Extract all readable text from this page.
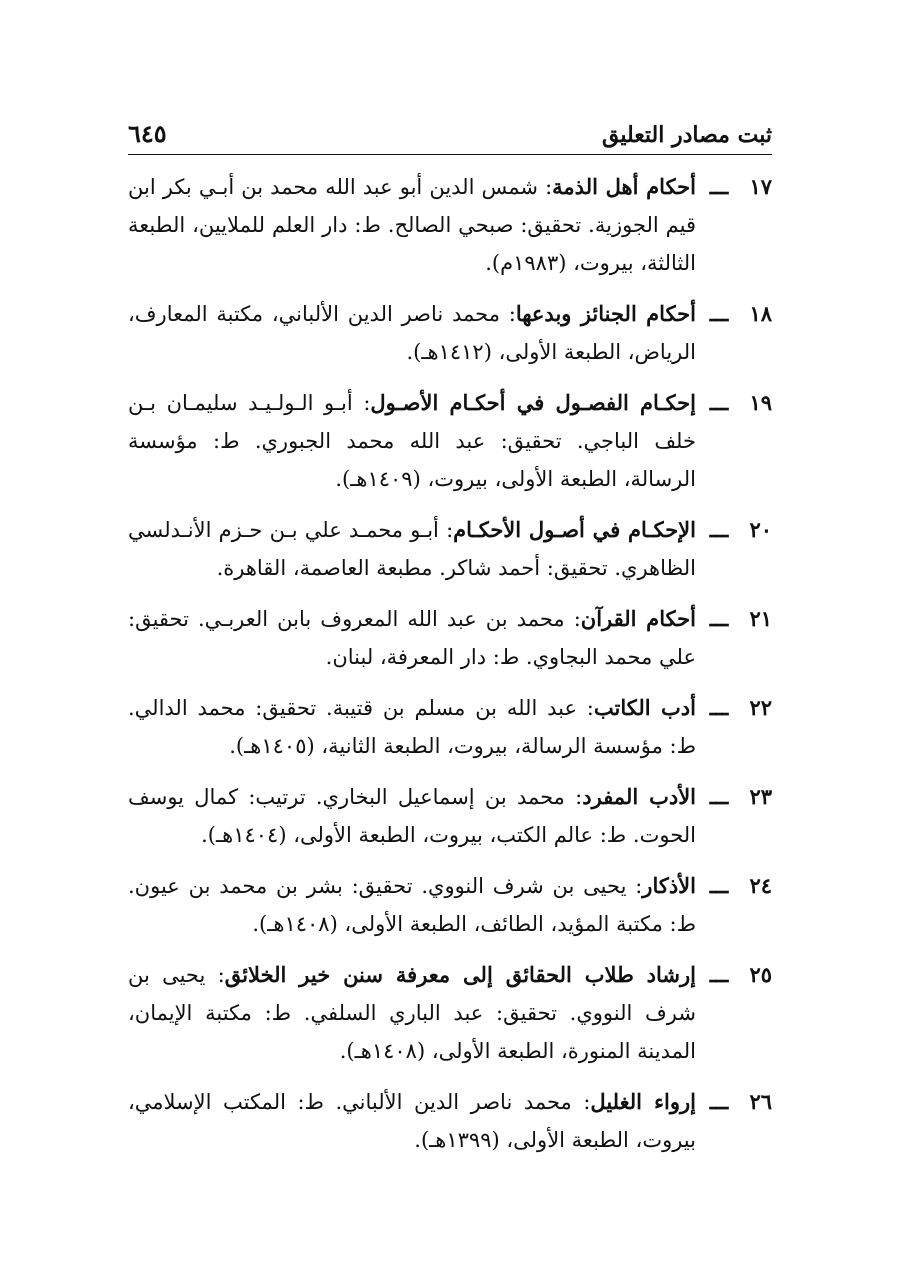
ثبت مصادر التعليق
٦٤٥
١٧
ـــ
أحكام أهل الذمة: شمس الدين أبو عبد الله محمد بن أبـي بكر ابن قيم الجوزية. تحقيق: صبحي الصالح. ط: دار العلم للملايين، الطبعة الثالثة، بيروت، (١٩٨٣م).
١٨
ـــ
أحكام الجنائز وبدعها: محمد ناصر الدين الألباني، مكتبة المعارف، الرياض، الطبعة الأولى، (١٤١٢هـ).
١٩
ـــ
إحكـام الفصـول في أحكـام الأصـول: أبـو الـولـيـد سليمـان بـن خلف الباجي. تحقيق: عبد الله محمد الجبوري. ط: مؤسسة الرسالة، الطبعة الأولى، بيروت، (١٤٠٩هـ).
٢٠
ـــ
الإحكـام في أصـول الأحكـام: أبـو محمـد علي بـن حـزم الأنـدلسي الظاهري. تحقيق: أحمد شاكر. مطبعة العاصمة، القاهرة.
٢١
ـــ
أحكام القرآن: محمد بن عبد الله المعروف بابن العربـي. تحقيق: علي محمد البجاوي. ط: دار المعرفة، لبنان.
٢٢
ـــ
أدب الكاتب: عبد الله بن مسلم بن قتيبة. تحقيق: محمد الدالي. ط: مؤسسة الرسالة، بيروت، الطبعة الثانية، (١٤٠٥هـ).
٢٣
ـــ
الأدب المفرد: محمد بن إسماعيل البخاري. ترتيب: كمال يوسف الحوت. ط: عالم الكتب، بيروت، الطبعة الأولى، (١٤٠٤هـ).
٢٤
ـــ
الأذكار: يحيى بن شرف النووي. تحقيق: بشر بن محمد بن عيون. ط: مكتبة المؤيد، الطائف، الطبعة الأولى، (١٤٠٨هـ).
٢٥
ـــ
إرشاد طلاب الحقائق إلى معرفة سنن خير الخلائق: يحيى بن شرف النووي. تحقيق: عبد الباري السلفي. ط: مكتبة الإيمان، المدينة المنورة، الطبعة الأولى، (١٤٠٨هـ).
٢٦
ـــ
إرواء الغليل: محمد ناصر الدين الألباني. ط: المكتب الإسلامي، بيروت، الطبعة الأولى، (١٣٩٩هـ).
